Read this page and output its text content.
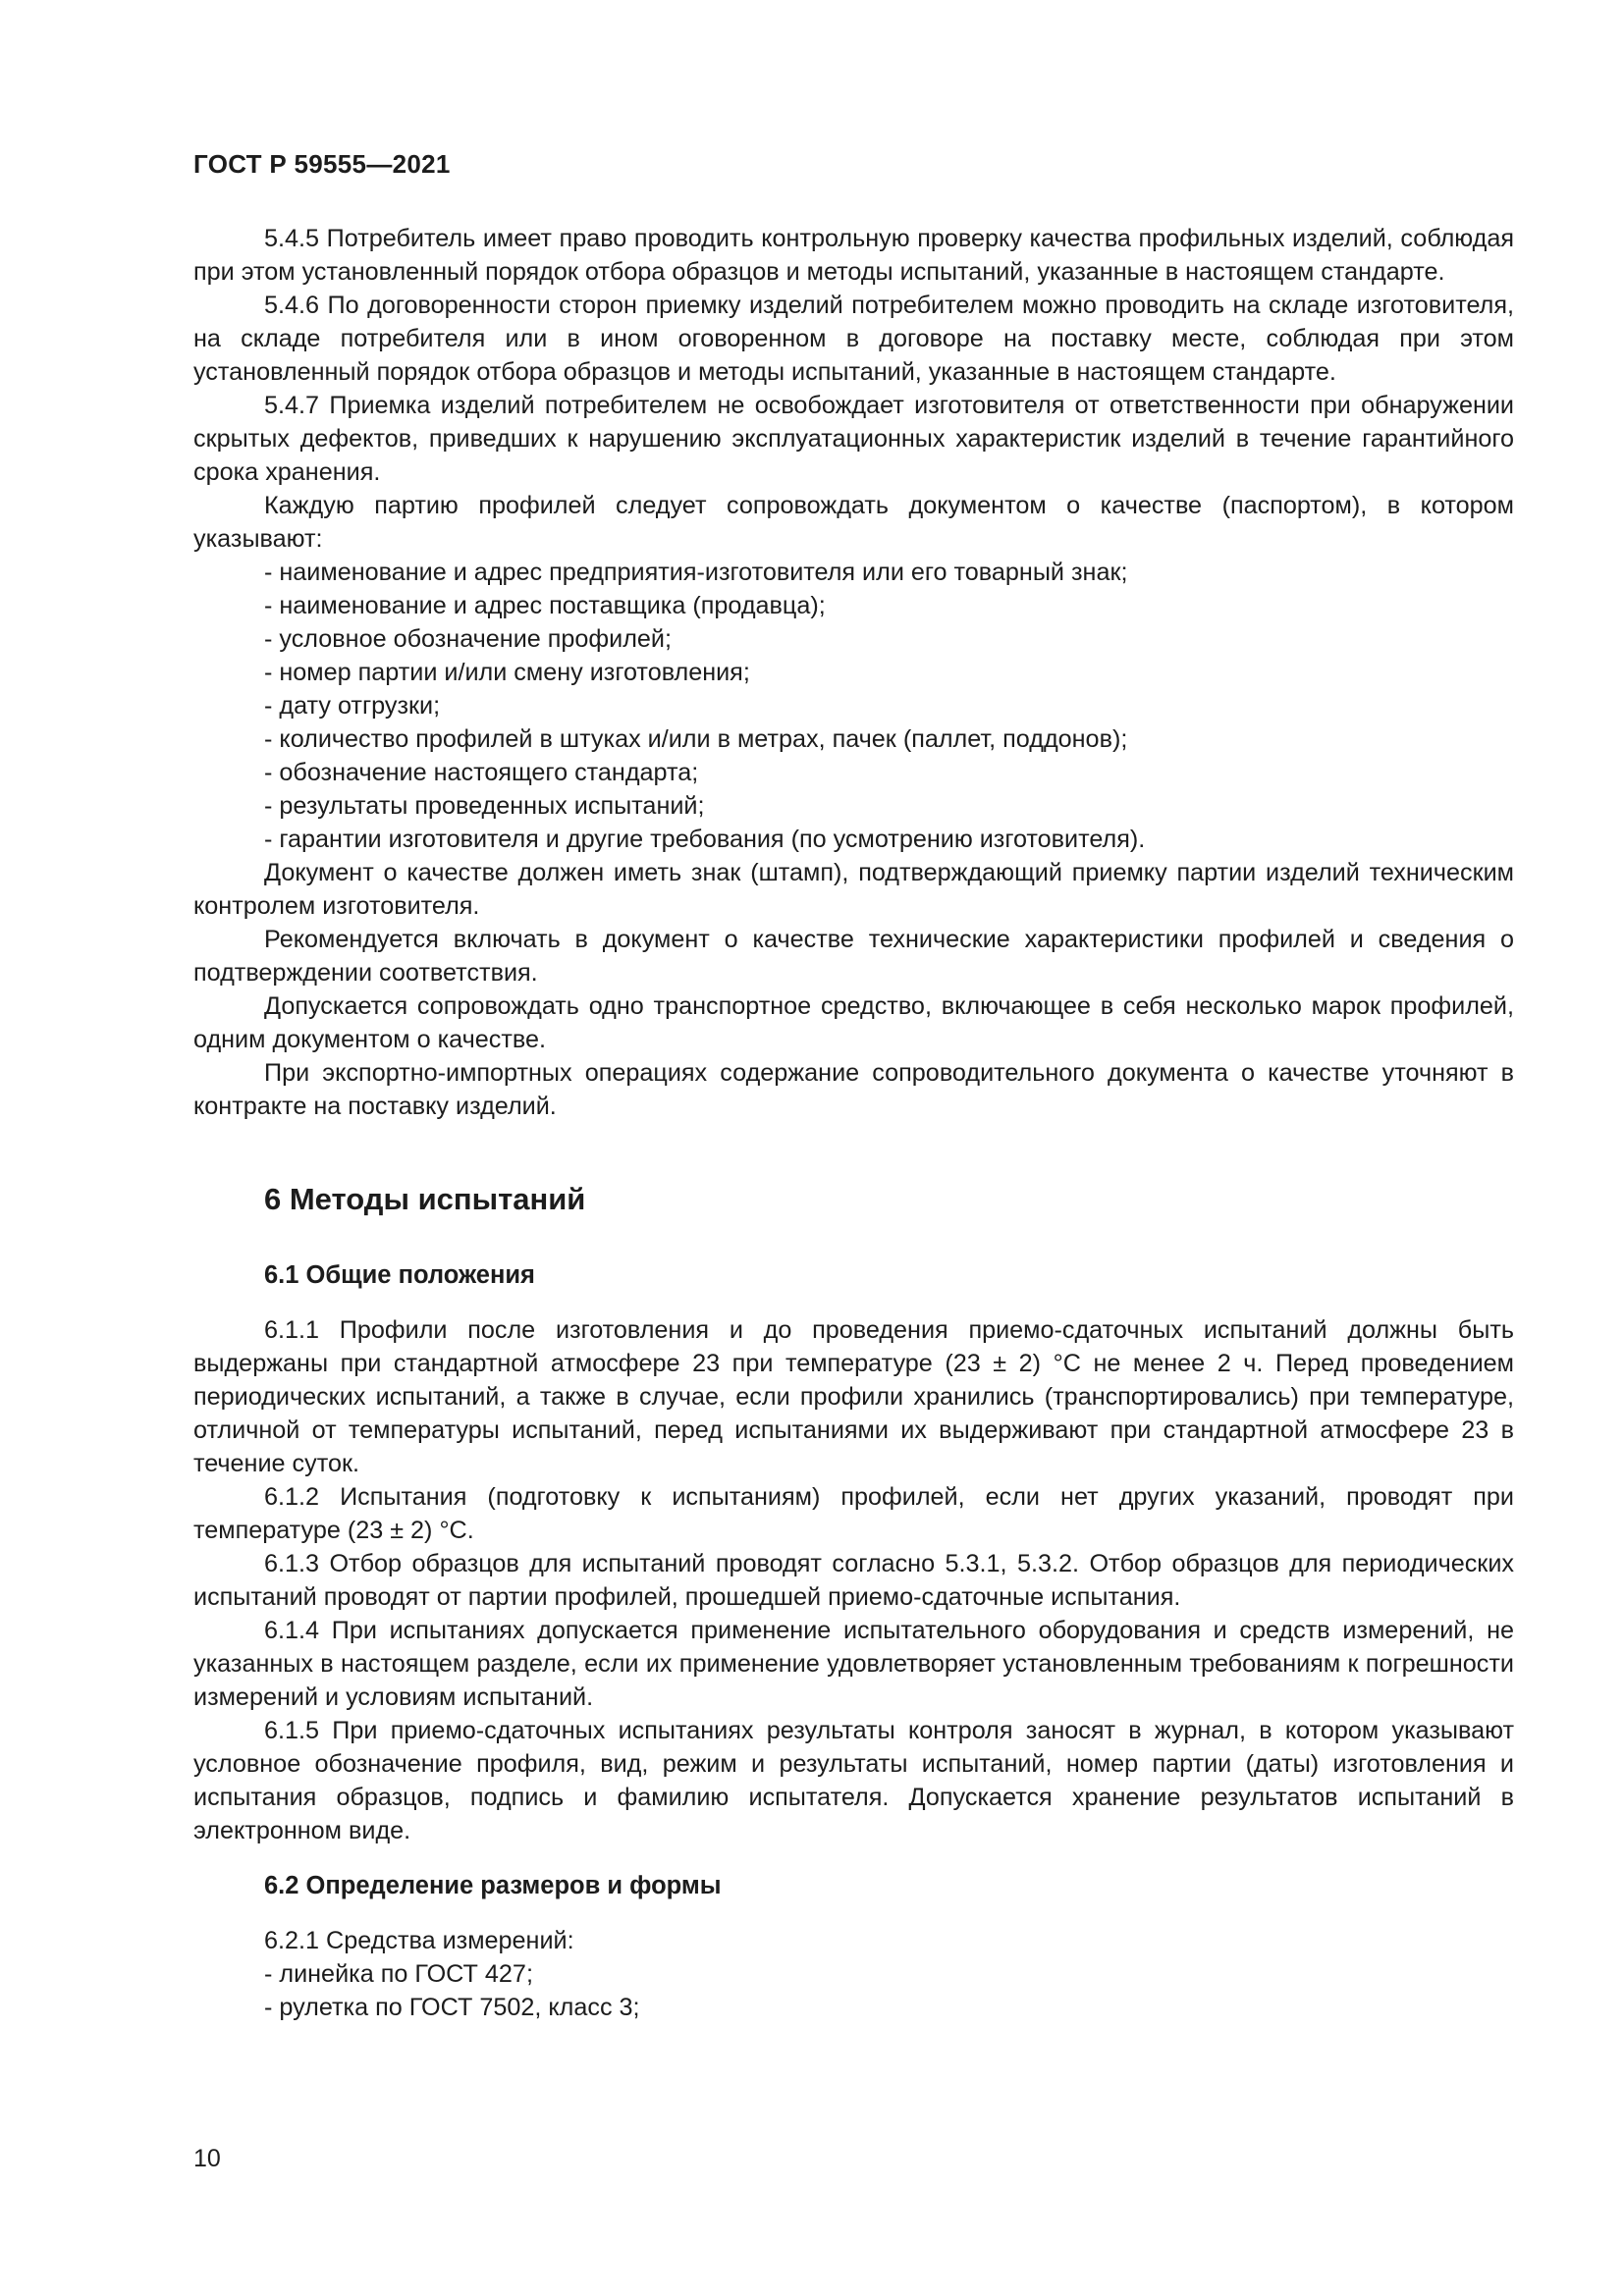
ГОСТ Р 59555—2021

5.4.5 Потребитель имеет право проводить контрольную проверку качества профильных изделий, соблюдая при этом установленный порядок отбора образцов и методы испытаний, указанные в настоящем стандарте.

5.4.6 По договоренности сторон приемку изделий потребителем можно проводить на складе изготовителя, на складе потребителя или в ином оговоренном в договоре на поставку месте, соблюдая при этом установленный порядок отбора образцов и методы испытаний, указанные в настоящем стандарте.

5.4.7 Приемка изделий потребителем не освобождает изготовителя от ответственности при обнаружении скрытых дефектов, приведших к нарушению эксплуатационных характеристик изделий в течение гарантийного срока хранения.

Каждую партию профилей следует сопровождать документом о качестве (паспортом), в котором указывают:

- наименование и адрес предприятия-изготовителя или его товарный знак;

- наименование и адрес поставщика (продавца);

- условное обозначение профилей;

- номер партии и/или смену изготовления;

- дату отгрузки;

- количество профилей в штуках и/или в метрах, пачек (паллет, поддонов);

- обозначение настоящего стандарта;

- результаты проведенных испытаний;

- гарантии изготовителя и другие требования (по усмотрению изготовителя).

Документ о качестве должен иметь знак (штамп), подтверждающий приемку партии изделий техническим контролем изготовителя.

Рекомендуется включать в документ о качестве технические характеристики профилей и сведения о подтверждении соответствия.

Допускается сопровождать одно транспортное средство, включающее в себя несколько марок профилей, одним документом о качестве.

При экспортно-импортных операциях содержание сопроводительного документа о качестве уточняют в контракте на поставку изделий.

6 Методы испытаний
6.1 Общие положения

6.1.1 Профили после изготовления и до проведения приемо-сдаточных испытаний должны быть выдержаны при стандартной атмосфере 23 при температуре (23 ± 2) °С не менее 2 ч. Перед проведением периодических испытаний, а также в случае, если профили хранились (транспортировались) при температуре, отличной от температуры испытаний, перед испытаниями их выдерживают при стандартной атмосфере 23 в течение суток.

6.1.2 Испытания (подготовку к испытаниям) профилей, если нет других указаний, проводят при температуре (23 ± 2) °С.

6.1.3 Отбор образцов для испытаний проводят согласно 5.3.1, 5.3.2. Отбор образцов для периодических испытаний проводят от партии профилей, прошедшей приемо-сдаточные испытания.

6.1.4 При испытаниях допускается применение испытательного оборудования и средств измерений, не указанных в настоящем разделе, если их применение удовлетворяет установленным требованиям к погрешности измерений и условиям испытаний.

6.1.5 При приемо-сдаточных испытаниях результаты контроля заносят в журнал, в котором указывают условное обозначение профиля, вид, режим и результаты испытаний, номер партии (даты) изготовления и испытания образцов, подпись и фамилию испытателя. Допускается хранение результатов испытаний в электронном виде.

6.2 Определение размеров и формы

6.2.1 Средства измерений:

- линейка по ГОСТ 427;

- рулетка по ГОСТ 7502, класс 3;

10
